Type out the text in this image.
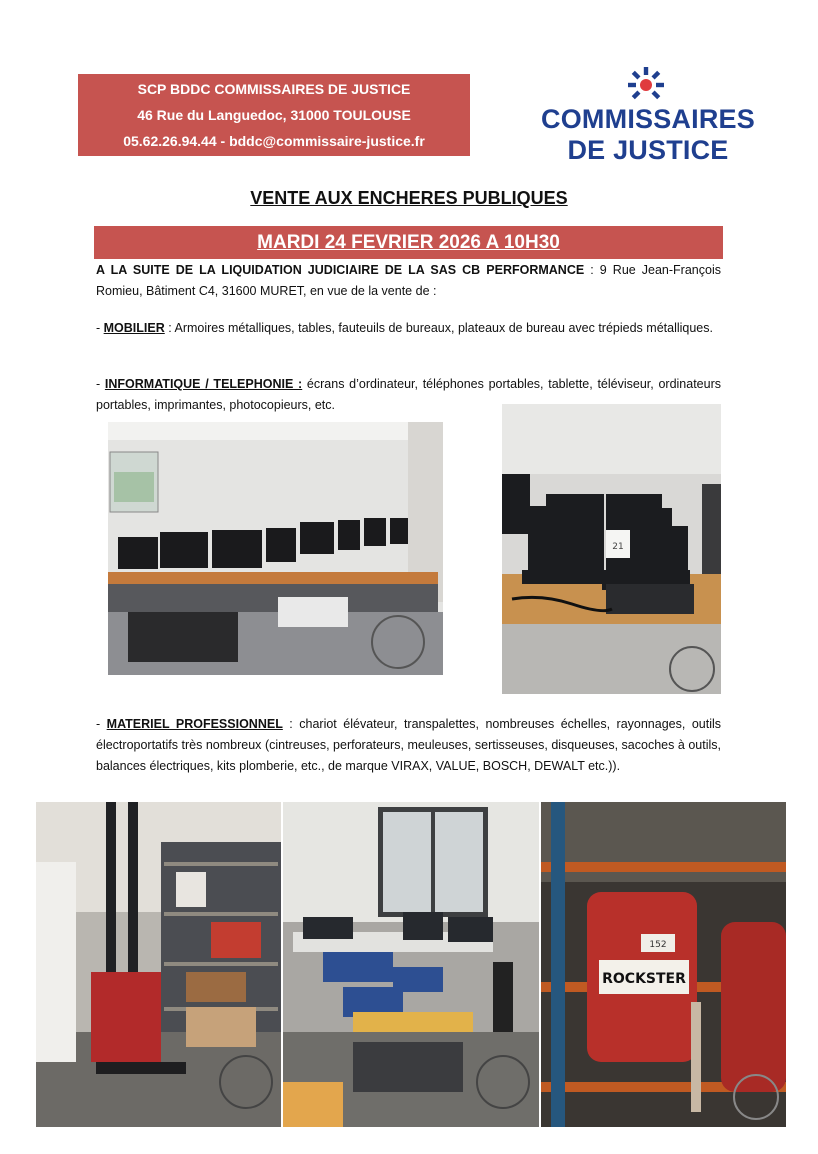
SCP BDDC COMMISSAIRES DE JUSTICE
46 Rue du Languedoc, 31000 TOULOUSE
05.62.26.94.44 - bddc@commissaire-justice.fr
COMMISSAIRES
DE JUSTICE
VENTE AUX ENCHERES PUBLIQUES
MARDI 24 FEVRIER 2026 A 10H30
A LA SUITE DE LA LIQUIDATION JUDICIAIRE DE LA SAS CB PERFORMANCE : 9 Rue Jean-François Romieu, Bâtiment C4, 31600 MURET, en vue de la vente de :
- MOBILIER : Armoires métalliques, tables, fauteuils de bureaux, plateaux de bureau avec trépieds métalliques.
- INFORMATIQUE / TELEPHONIE : écrans d’ordinateur, téléphones portables, tablette, téléviseur, ordinateurs portables, imprimantes, photocopieurs, etc.
21
- MATERIEL PROFESSIONNEL : chariot élévateur, transpalettes, nombreuses échelles, rayonnages, outils électroportatifs très nombreux (cintreuses, perforateurs, meuleuses, sertisseuses, disqueuses, sacoches à outils, balances électriques, kits plomberie, etc., de marque VIRAX, VALUE, BOSCH, DEWALT etc.)).
ROCKSTER
152
